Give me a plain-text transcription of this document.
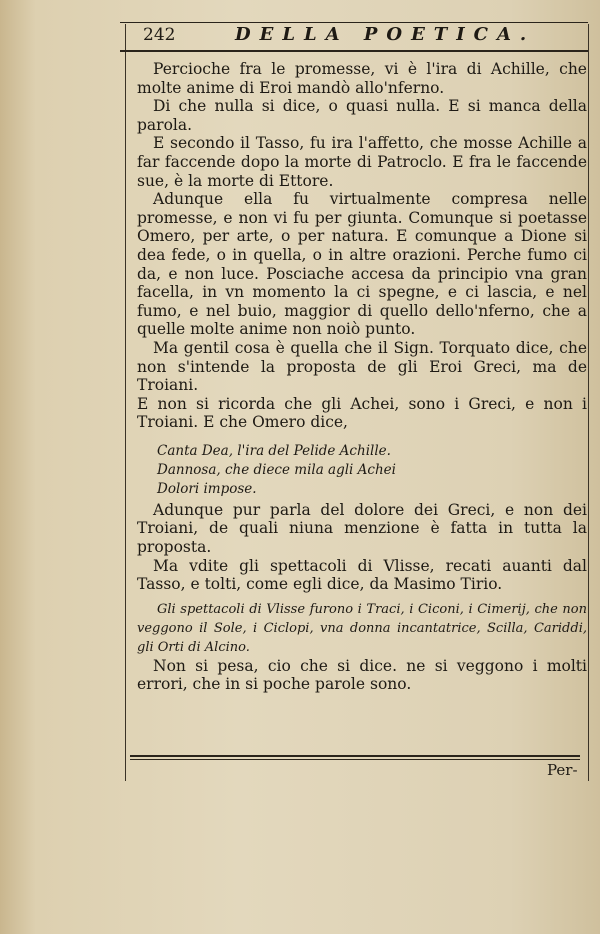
242	DELLA POETICA.

Percioche fra le promesse, vi è l'ira di Achille, che molte anime di Eroi mandò allo'nferno.

Di che nulla si dice, o quasi nulla. E si manca della parola.

E secondo il Tasso, fu ira l'affetto, che mosse Achille a far faccende dopo la morte di Patroclo. E fra le faccende sue, è la morte di Ettore.

Adunque ella fu virtualmente compresa nelle promesse, e non vi fu per giunta. Comunque si poetasse Omero, per arte, o per natura. E comunque a Dione si dea fede, o in quella, o in altre orazioni. Perche fumo ci da, e non luce. Posciache accesa da principio vna gran facella, in vn momento la ci spegne, e ci lascia, e nel fumo, e nel buio, maggior di quello dello'nferno, che a quelle molte anime non noiò punto.

Ma gentil cosa è quella che il Sign. Torquato dice, che non s'intende la proposta de gli Eroi Greci, ma de Troiani.

E non si ricorda che gli Achei, sono i Greci, e non i Troiani. E che Omero dice,

Canta Dea, l'ira del Pelide Achille.
Dannosa, che diece mila agli Achei
Dolori impose.

Adunque pur parla del dolore dei Greci, e non dei Troiani, de quali niuna menzione è fatta in tutta la proposta.

Ma vdite gli spettacoli di Vlisse, recati auanti dal Tasso, e tolti, come egli dice, da Masimo Tirio.

Gli spettacoli di Vlisse furono i Traci, i Ciconi, i Cimerij, che non veggono il Sole, i Ciclopi, vna donna incantatrice, Scilla, Cariddi, gli Orti di Alcino.

Non si pesa, cio che si dice. ne si veggono i molti errori, che in si poche parole sono.

Per-
